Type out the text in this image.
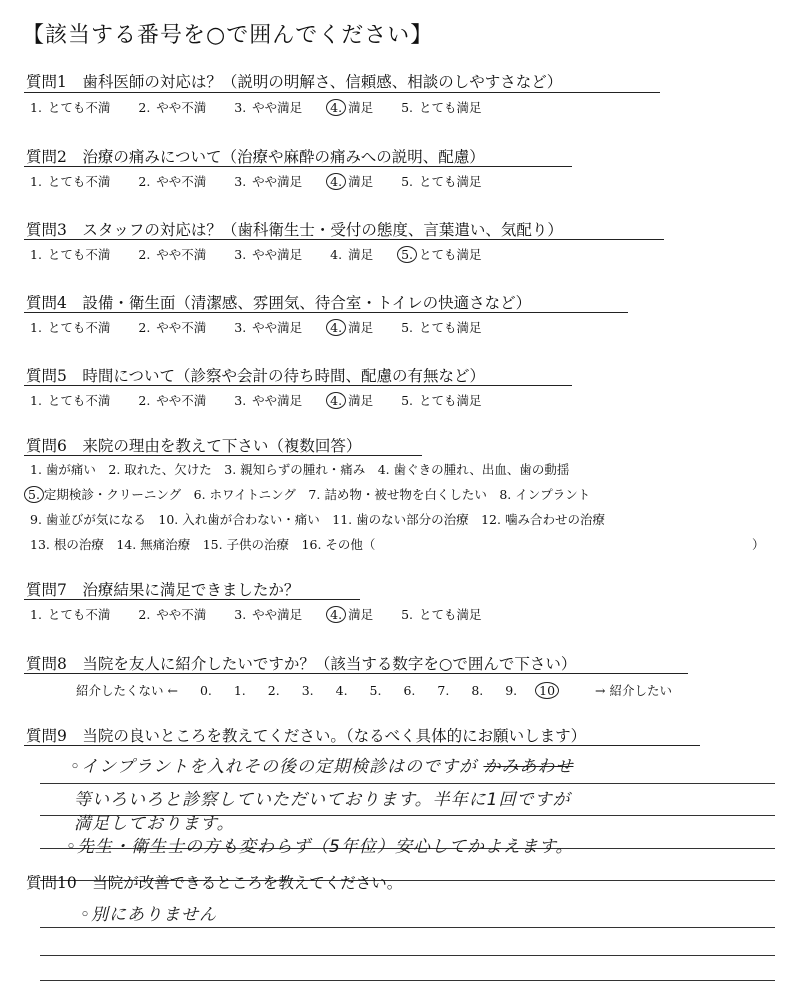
【該当する番号を○で囲んでください】
質問1　歯科医師の対応は？（説明の明解さ、信頼感、相談のしやすさなど）
1. とても不満 2. やや不満 3. やや満足 4. 満足 5. とても満足
質問2　治療の痛みについて（治療や麻酔の痛みへの説明、配慮）
1. とても不満 2. やや不満 3. やや満足 4. 満足 5. とても満足
質問3　スタッフの対応は？（歯科衛生士・受付の態度、言葉遣い、気配り）
1. とても不満 2. やや不満 3. やや満足 4. 満足 5. とても満足
質問4　設備・衛生面（清潔感、雰囲気、待合室・トイレの快適さなど）
1. とても不満 2. やや不満 3. やや満足 4. 満足 5. とても満足
質問5　時間について（診察や会計の待ち時間、配慮の有無など）
1. とても不満 2. やや不満 3. やや満足 4. 満足 5. とても満足
質問6　来院の理由を教えて下さい（複数回答）
1. 歯が痛い　2. 取れた、欠けた　3. 親知らずの腫れ・痛み　4. 歯ぐきの腫れ、出血、歯の動揺
5. 定期検診・クリーニング　6. ホワイトニング　7. 詰め物・被せ物を白くしたい　8. インプラント
9. 歯並びが気になる　10. 入れ歯が合わない・痛い　11. 歯のない部分の治療　12. 噛み合わせの治療
13. 根の治療　14. 無痛治療　15. 子供の治療　16. その他（	）
質問7　治療結果に満足できましたか？
1. とても不満 2. やや不満 3. やや満足 4. 満足 5. とても満足
質問8　当院を友人に紹介したいですか？（該当する数字を○で囲んで下さい）
紹介したくない ← 0. 1. 2. 3. 4. 5. 6. 7. 8. 9. 10	→ 紹介したい
質問9　当院の良いところを教えてください。（なるべく具体的にお願いします）
◦インプラントを入れその後の定期検診はのですが かみあわせ
等いろいろと診察していただいております。半年に1回ですが
満足しております。
◦先生・衛生士の方も変わらず（5年位）安心してかよえます。
質問10　当院が改善できるところを教えてください。
◦別にありません
